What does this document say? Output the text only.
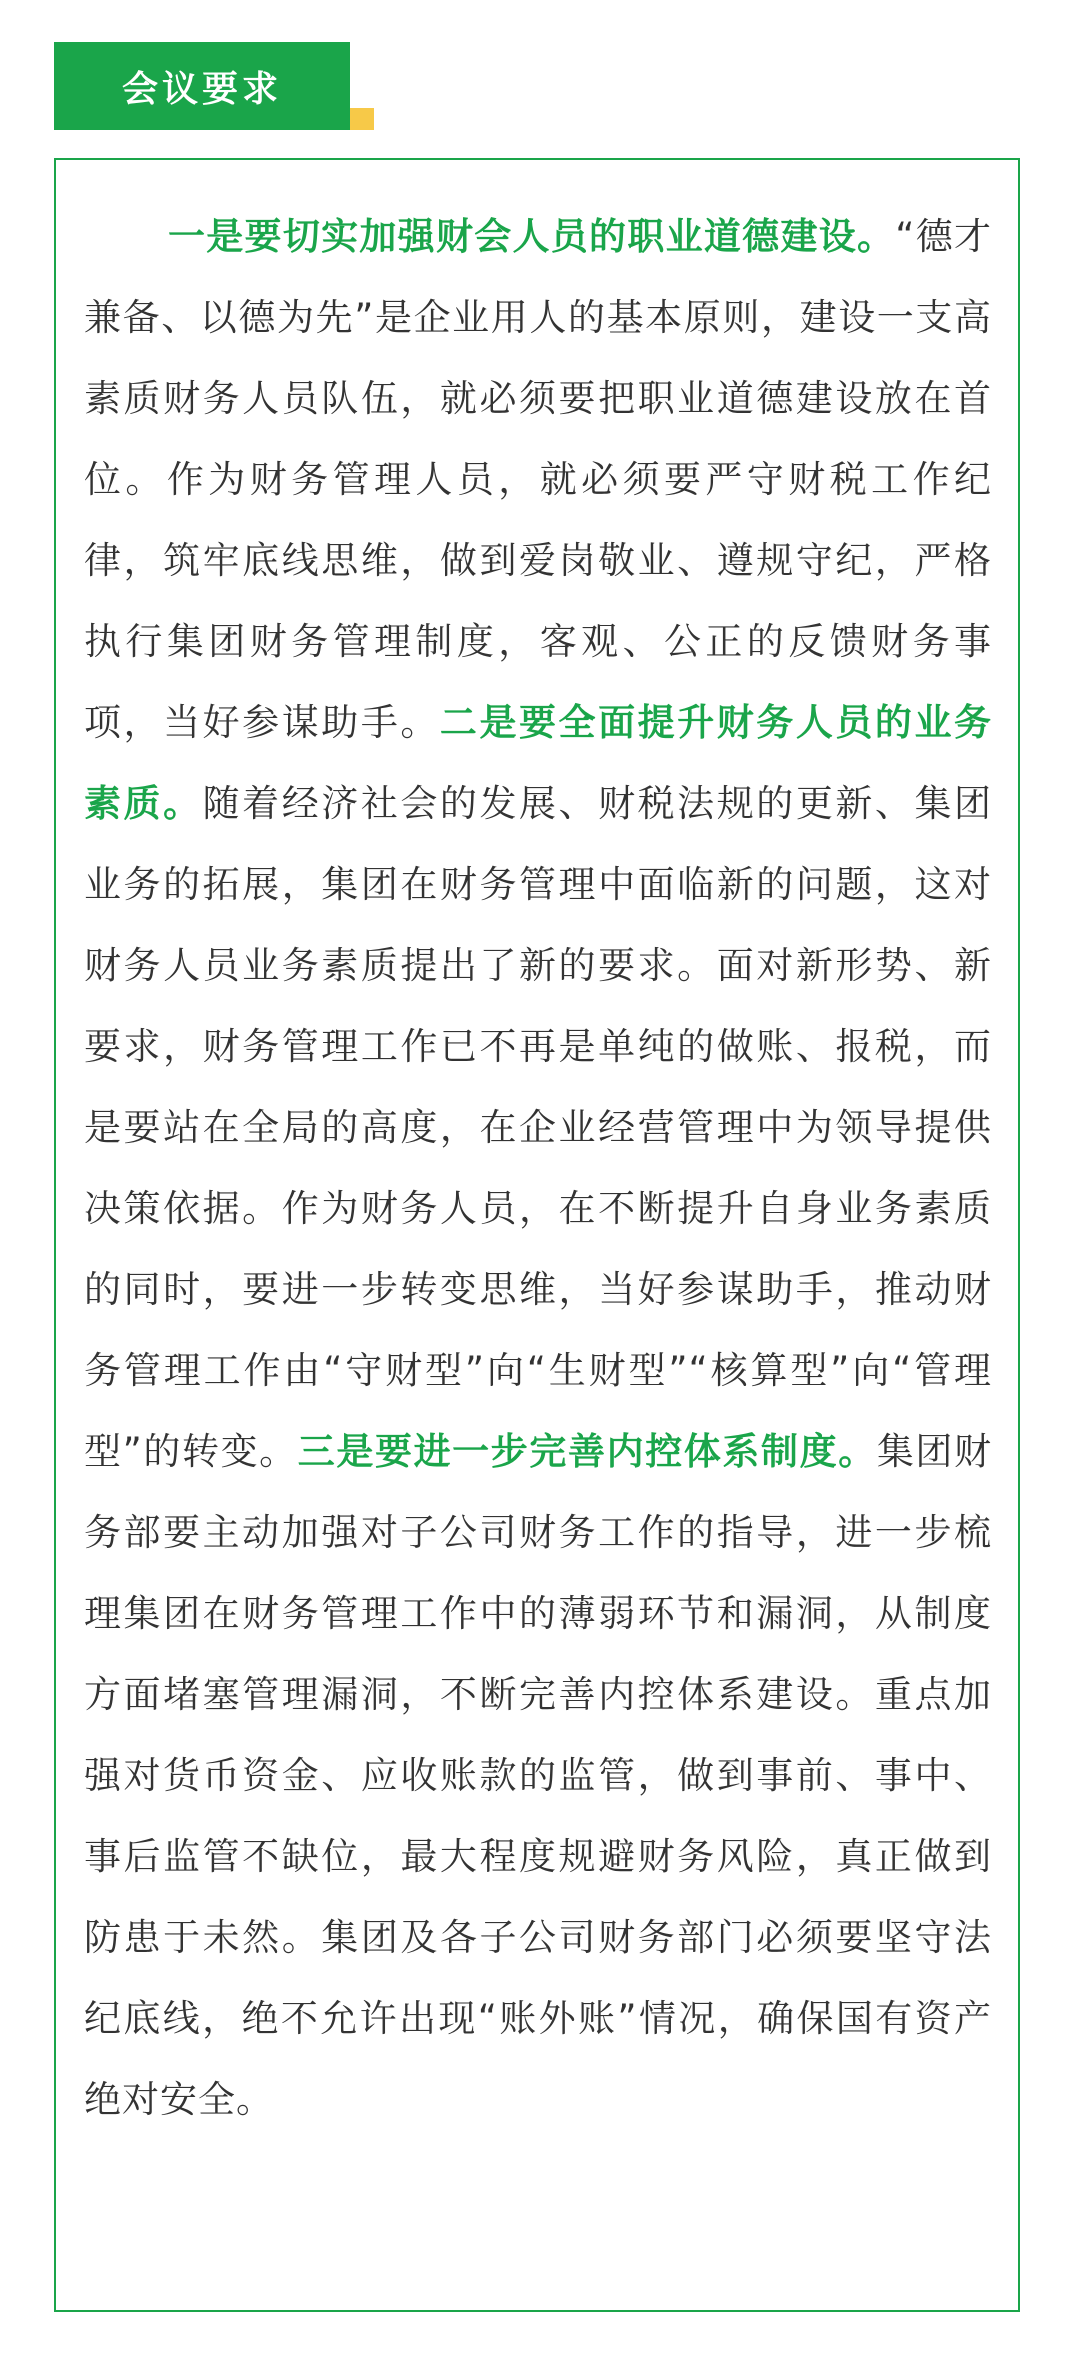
会议要求

一是要切实加强财会人员的职业道德建设。“德才兼备、以德为先”是企业用人的基本原则，建设一支高素质财务人员队伍，就必须要把职业道德建设放在首位。作为财务管理人员，就必须要严守财税工作纪律，筑牢底线思维，做到爱岗敬业、遵规守纪，严格执行集团财务管理制度，客观、公正的反馈财务事项，当好参谋助手。二是要全面提升财务人员的业务素质。随着经济社会的发展、财税法规的更新、集团业务的拓展，集团在财务管理中面临新的问题，这对财务人员业务素质提出了新的要求。面对新形势、新要求，财务管理工作已不再是单纯的做账、报税，而是要站在全局的高度，在企业经营管理中为领导提供决策依据。作为财务人员，在不断提升自身业务素质的同时，要进一步转变思维，当好参谋助手，推动财务管理工作由“守财型”向“生财型”“核算型”向“管理型”的转变。三是要进一步完善内控体系制度。集团财务部要主动加强对子公司财务工作的指导，进一步梳理集团在财务管理工作中的薄弱环节和漏洞，从制度方面堵塞管理漏洞，不断完善内控体系建设。重点加强对货币资金、应收账款的监管，做到事前、事中、事后监管不缺位，最大程度规避财务风险，真正做到防患于未然。集团及各子公司财务部门必须要坚守法纪底线，绝不允许出现“账外账”情况，确保国有资产绝对安全。
